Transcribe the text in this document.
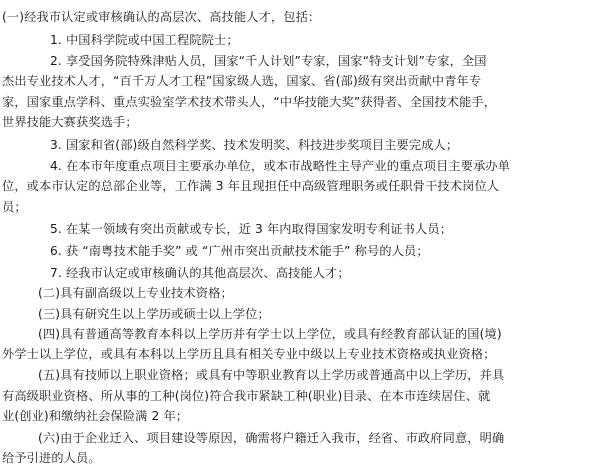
(一)经我市认定或审核确认的高层次、高技能人才，包括：
1. 中国科学院或中国工程院院士；
2. 享受国务院特殊津贴人员，国家“千人计划”专家，国家“特支计划”专家，全国
杰出专业技术人才，“百千万人才工程”国家级人选，国家、省(部)级有突出贡献中青年专
家，国家重点学科、重点实验室学术技术带头人，“中华技能大奖”获得者、全国技术能手，
世界技能大赛获奖选手；
3. 国家和省(部)级自然科学奖、技术发明奖、科技进步奖项目主要完成人；
4. 在本市年度重点项目主要承办单位，或本市战略性主导产业的重点项目主要承办单
位，或本市认定的总部企业等，工作满 3 年且现担任中高级管理职务或任职骨干技术岗位人
员；
5. 在某一领域有突出贡献或专长，近 3 年内取得国家发明专利证书人员；
6. 获 “南粤技术能手奖” 或 “广州市突出贡献技术能手” 称号的人员；
7. 经我市认定或审核确认的其他高层次、高技能人才；
(二)具有副高级以上专业技术资格；
(三)具有研究生以上学历或硕士以上学位；
(四)具有普通高等教育本科以上学历并有学士以上学位，或具有经教育部认证的国(境)
外学士以上学位，或具有本科以上学历且具有相关专业中级以上专业技术资格或执业资格；
(五)具有技师以上职业资格；或具有中等职业教育以上学历或普通高中以上学历，并具
有高级职业资格、所从事的工种(岗位)符合我市紧缺工种(职业)目录、在本市连续居住、就
业(创业)和缴纳社会保险满 2 年；
(六)由于企业迁入、项目建设等原因，确需将户籍迁入我市，经省、市政府同意，明确
给予引进的人员。
